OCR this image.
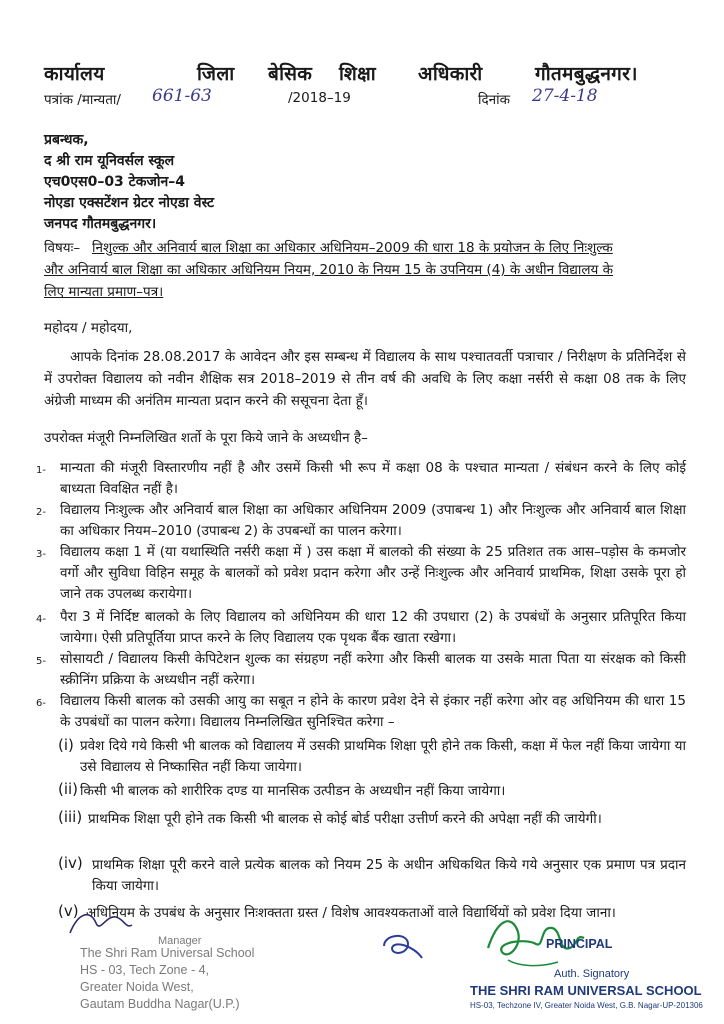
कार्यालय	जिला बेसिक शिक्षा अधिकारी	गौतमबुद्धनगर।
पत्रांक /मान्यता/ 661-63	/2018–19	दिनांक 27-4-18
प्रबन्धक,
द श्री राम यूनिवर्सल स्कूल
एच0एस0–03 टेकजोन–4
नोएडा एक्सटेंशन ग्रेटर नोएडा वेस्ट
जनपद गौतमबुद्धनगर।
विषयः– निशुल्क और अनिवार्य बाल शिक्षा का अधिकार अधिनियम–2009 की धारा 18 के प्रयोजन के लिए निःशुल्क
और अनिवार्य बाल शिक्षा का अधिकार अधिनियम नियम, 2010 के नियम 15 के उपनियम (4) के अधीन विद्यालय के
लिए मान्यता प्रमाण–पत्र।
महोदय / महोदया,
आपके दिनांक 28.08.2017 के आवेदन और इस सम्बन्ध में विद्यालय के साथ पश्चातवर्ती पत्राचार / निरीक्षण के प्रतिनिर्देश से में उपरोक्त विद्यालय को नवीन शैक्षिक सत्र 2018–2019 से तीन वर्ष की अवधि के लिए कक्षा नर्सरी से कक्षा 08 तक के लिए अंग्रेजी माध्यम की अनंतिम मान्यता प्रदान करने की ससूचना देता हूँ।
उपरोक्त मंजूरी निम्नलिखित शर्तो के पूरा किये जाने के अध्यधीन है–
1- मान्यता की मंजूरी विस्तारणीय नहीं है और उसमें किसी भी रूप में कक्षा 08 के पश्चात मान्यता / संबंधन करने के लिए कोई बाध्यता विवक्षित नहीं है।
2- विद्यालय निःशुल्क और अनिवार्य बाल शिक्षा का अधिकार अधिनियम 2009 (उपाबन्ध 1) और निःशुल्क और अनिवार्य बाल शिक्षा का अधिकार नियम–2010 (उपाबन्ध 2) के उपबन्धों का पालन करेगा।
3- विद्यालय कक्षा 1 में (या यथास्थिति नर्सरी कक्षा में ) उस कक्षा में बालको की संख्या के 25 प्रतिशत तक आस–पड़ोस के कमजोर वर्गो और सुविधा विहिन समूह के बालकों को प्रवेश प्रदान करेगा और उन्हें निःशुल्क और अनिवार्य प्राथमिक, शिक्षा उसके पूरा हो जाने तक उपलब्ध करायेगा।
4- पैरा 3 में निर्दिष्ट बालको के लिए विद्यालय को अधिनियम की धारा 12 की उपधारा (2) के उपबंधों के अनुसार प्रतिपूरित किया जायेगा। ऐसी प्रतिपूर्तिया प्राप्त करने के लिए विद्यालय एक पृथक बैंक खाता रखेगा।
5- सोसायटी / विद्यालय किसी केपिटेशन शुल्क का संग्रहण नहीं करेगा और किसी बालक या उसके माता पिता या संरक्षक को किसी स्क्रीनिंग प्रक्रिया के अध्यधीन नहीं करेगा।
6- विद्यालय किसी बालक को उसकी आयु का सबूत न होने के कारण प्रवेश देने से इंकार नहीं करेगा ओर वह अधिनियम की धारा 15 के उपबंधों का पालन करेगा। विद्यालय निम्नलिखित सुनिश्चित करेगा –
(i) प्रवेश दिये गये किसी भी बालक को विद्यालय में उसकी प्राथमिक शिक्षा पूरी होने तक किसी, कक्षा में फेल नहीं किया जायेगा या उसे विद्यालय से निष्कासित नहीं किया जायेगा।
(ii) किसी भी बालक को शारीरिक दण्ड या मानसिक उत्पीडन के अध्यधीन नहीं किया जायेगा।
(iii) प्राथमिक शिक्षा पूरी होने तक किसी भी बालक से कोई बोर्ड परीक्षा उत्तीर्ण करने की अपेक्षा नहीं की जायेगी।
(iv) प्राथमिक शिक्षा पूरी करने वाले प्रत्येक बालक को नियम 25 के अधीन अधिकथित किये गये अनुसार एक प्रमाण पत्र प्रदान किया जायेगा।
(v) अधिनियम के उपबंध के अनुसार निःशक्तता ग्रस्त / विशेष आवश्यकताओं वाले विद्यार्थियों को प्रवेश दिया जाना।
Manager
The Shri Ram Universal School
HS - 03, Tech Zone - 4,
Greater Noida West,
Gautam Buddha Nagar(U.P.)
PRINCIPAL
Auth. Signatory
THE SHRI RAM UNIVERSAL SCHOOL
HS-03, Techzone IV, Greater Noida West, G.B. Nagar-UP-201306
